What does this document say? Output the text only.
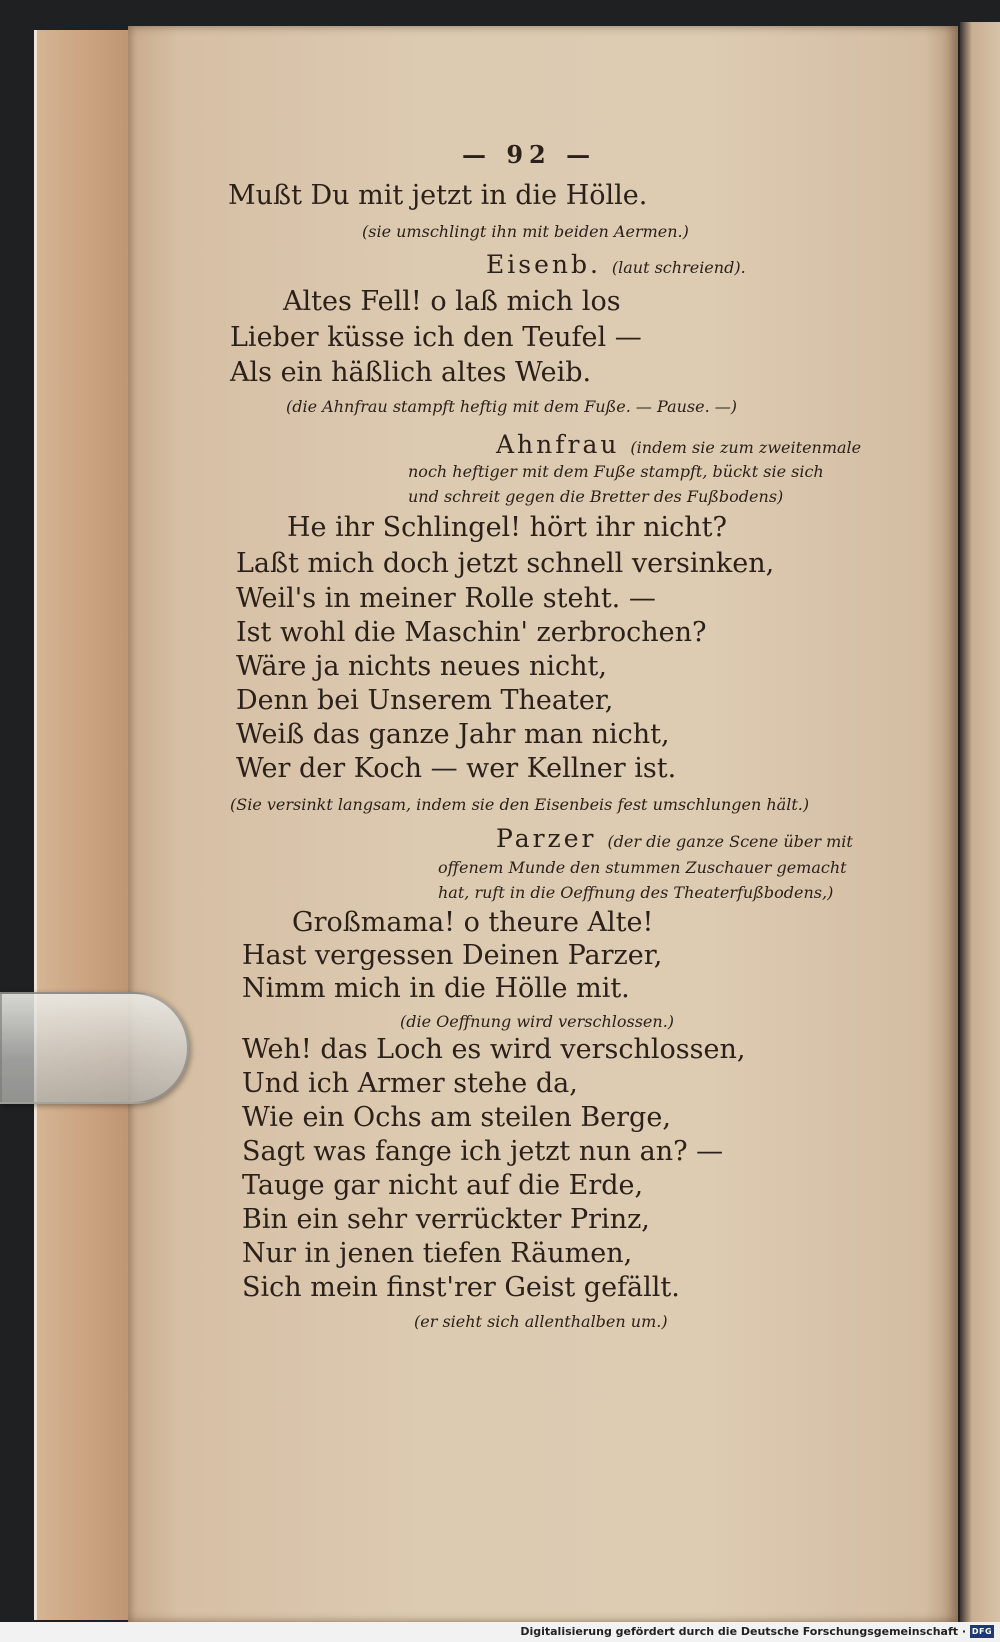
— 92 —

Mußt Du mit jetzt in die Hölle.

(sie umschlingt ihn mit beiden Aermen.)

Eisenb. (laut schreiend).

Altes Fell! o laß mich los

Lieber küsse ich den Teufel —

Als ein häßlich altes Weib.

(die Ahnfrau stampft heftig mit dem Fuße. — Pause. —)

Ahnfrau (indem sie zum zweitenmale

noch heftiger mit dem Fuße stampft, bückt sie sich

und schreit gegen die Bretter des Fußbodens)

He ihr Schlingel! hört ihr nicht?

Laßt mich doch jetzt schnell versinken,

Weil's in meiner Rolle steht. —

Ist wohl die Maschin' zerbrochen?

Wäre ja nichts neues nicht,

Denn bei Unserem Theater,

Weiß das ganze Jahr man nicht,

Wer der Koch — wer Kellner ist.

(Sie versinkt langsam, indem sie den Eisenbeis fest umschlungen hält.)

Parzer (der die ganze Scene über mit

offenem Munde den stummen Zuschauer gemacht

hat, ruft in die Oeffnung des Theaterfußbodens,)

Großmama! o theure Alte!

Hast vergessen Deinen Parzer,

Nimm mich in die Hölle mit.

(die Oeffnung wird verschlossen.)

Weh! das Loch es wird verschlossen,

Und ich Armer stehe da,

Wie ein Ochs am steilen Berge,

Sagt was fange ich jetzt nun an? —

Tauge gar nicht auf die Erde,

Bin ein sehr verrückter Prinz,

Nur in jenen tiefen Räumen,

Sich mein finst'rer Geist gefällt.

(er sieht sich allenthalben um.)

Digitalisierung gefördert durch die Deutsche Forschungsgemeinschaft · DFG
